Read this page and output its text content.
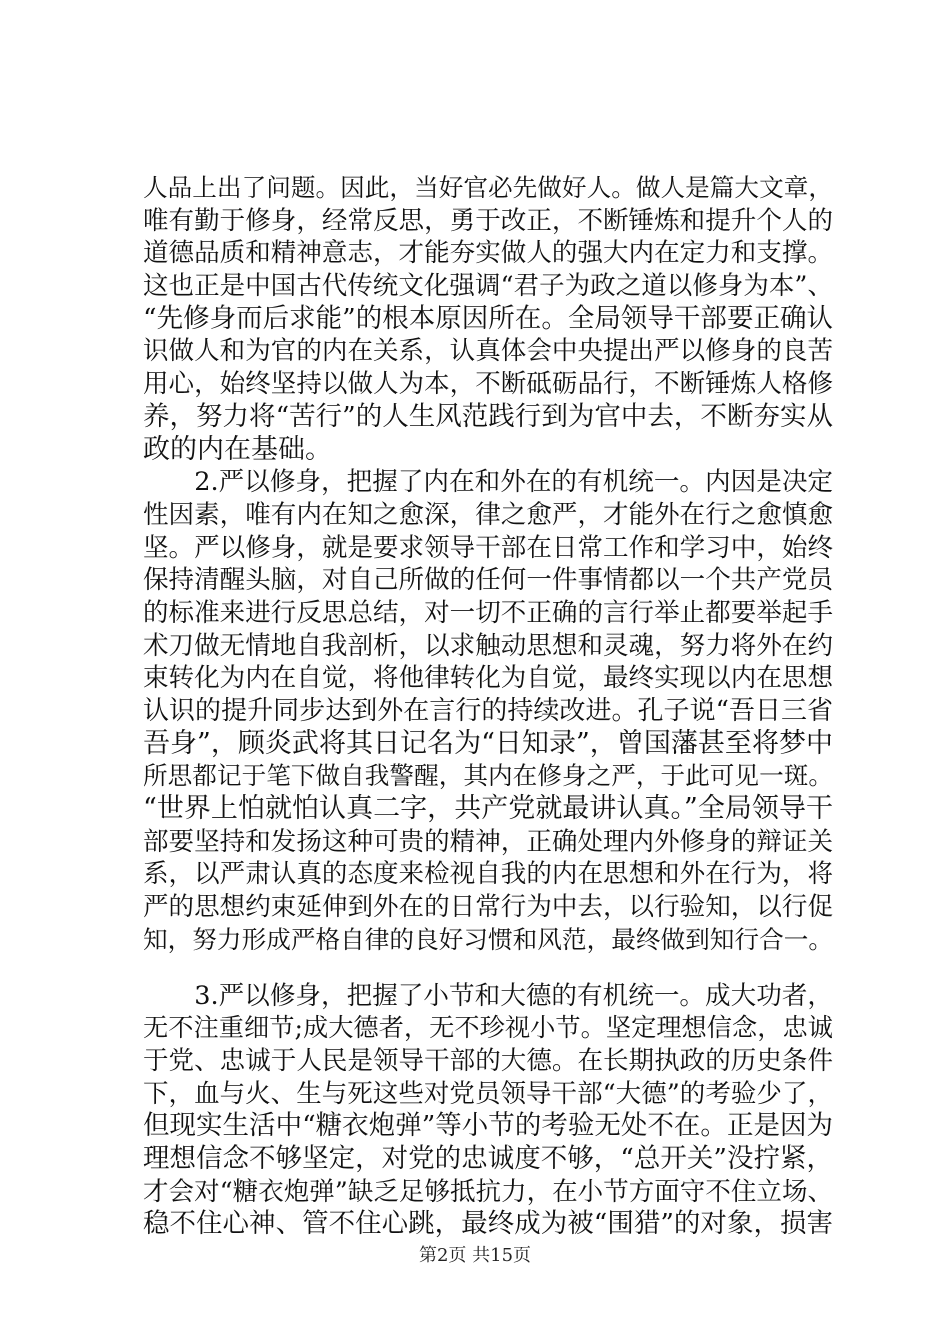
人品上出了问题。因此，当好官必先做好人。做人是篇大文章，
唯有勤于修身，经常反思，勇于改正，不断锤炼和提升个人的
道德品质和精神意志，才能夯实做人的强大内在定力和支撑。
这也正是中国古代传统文化强调“君子为政之道以修身为本”、
“先修身而后求能”的根本原因所在。全局领导干部要正确认
识做人和为官的内在关系，认真体会中央提出严以修身的良苦
用心，始终坚持以做人为本，不断砥砺品行，不断锤炼人格修
养，努力将“苦行”的人生风范践行到为官中去，不断夯实从
政的内在基础。
　　2.严以修身，把握了内在和外在的有机统一。内因是决定
性因素，唯有内在知之愈深，律之愈严，才能外在行之愈慎愈
坚。严以修身，就是要求领导干部在日常工作和学习中，始终
保持清醒头脑，对自己所做的任何一件事情都以一个共产党员
的标准来进行反思总结，对一切不正确的言行举止都要举起手
术刀做无情地自我剖析，以求触动思想和灵魂，努力将外在约
束转化为内在自觉，将他律转化为自觉，最终实现以内在思想
认识的提升同步达到外在言行的持续改进。孔子说“吾日三省
吾身”，顾炎武将其日记名为“日知录”，曾国藩甚至将梦中
所思都记于笔下做自我警醒，其内在修身之严，于此可见一斑。
“世界上怕就怕认真二字，共产党就最讲认真。”全局领导干
部要坚持和发扬这种可贵的精神，正确处理内外修身的辩证关
系，以严肃认真的态度来检视自我的内在思想和外在行为，将
严的思想约束延伸到外在的日常行为中去，以行验知，以行促
知，努力形成严格自律的良好习惯和风范，最终做到知行合一。
　　3.严以修身，把握了小节和大德的有机统一。成大功者，
无不注重细节;成大德者，无不珍视小节。坚定理想信念，忠诚
于党、忠诚于人民是领导干部的大德。在长期执政的历史条件
下，血与火、生与死这些对党员领导干部“大德”的考验少了，
但现实生活中“糖衣炮弹”等小节的考验无处不在。正是因为
理想信念不够坚定，对党的忠诚度不够，“总开关”没拧紧，
才会对“糖衣炮弹”缺乏足够抵抗力，在小节方面守不住立场、
稳不住心神、管不住心跳，最终成为被“围猎”的对象，损害
第2页 共15页
